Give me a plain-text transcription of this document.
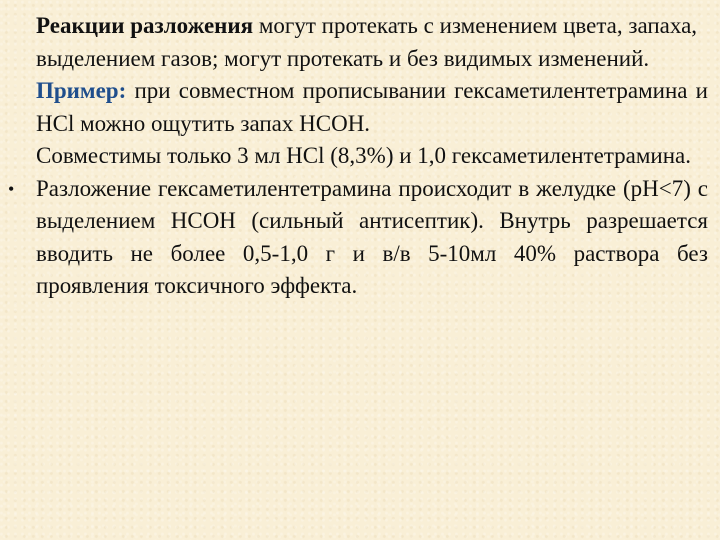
Реакции разложения могут протекать с изменением цвета, запаха, выделением газов; могут протекать и без видимых изменений.

Пример: при совместном прописывании гексаметилентетрамина и HCl можно ощутить запах HCOH.

Совместимы только 3 мл HCl (8,3%) и 1,0 гексаметилентетрамина.

• Разложение гексаметилентетрамина происходит в желудке (рН<7) с выделением HCOH (сильный антисептик). Внутрь разрешается вводить не более 0,5-1,0 г и в/в 5-10мл 40% раствора без проявления токсичного эффекта.
